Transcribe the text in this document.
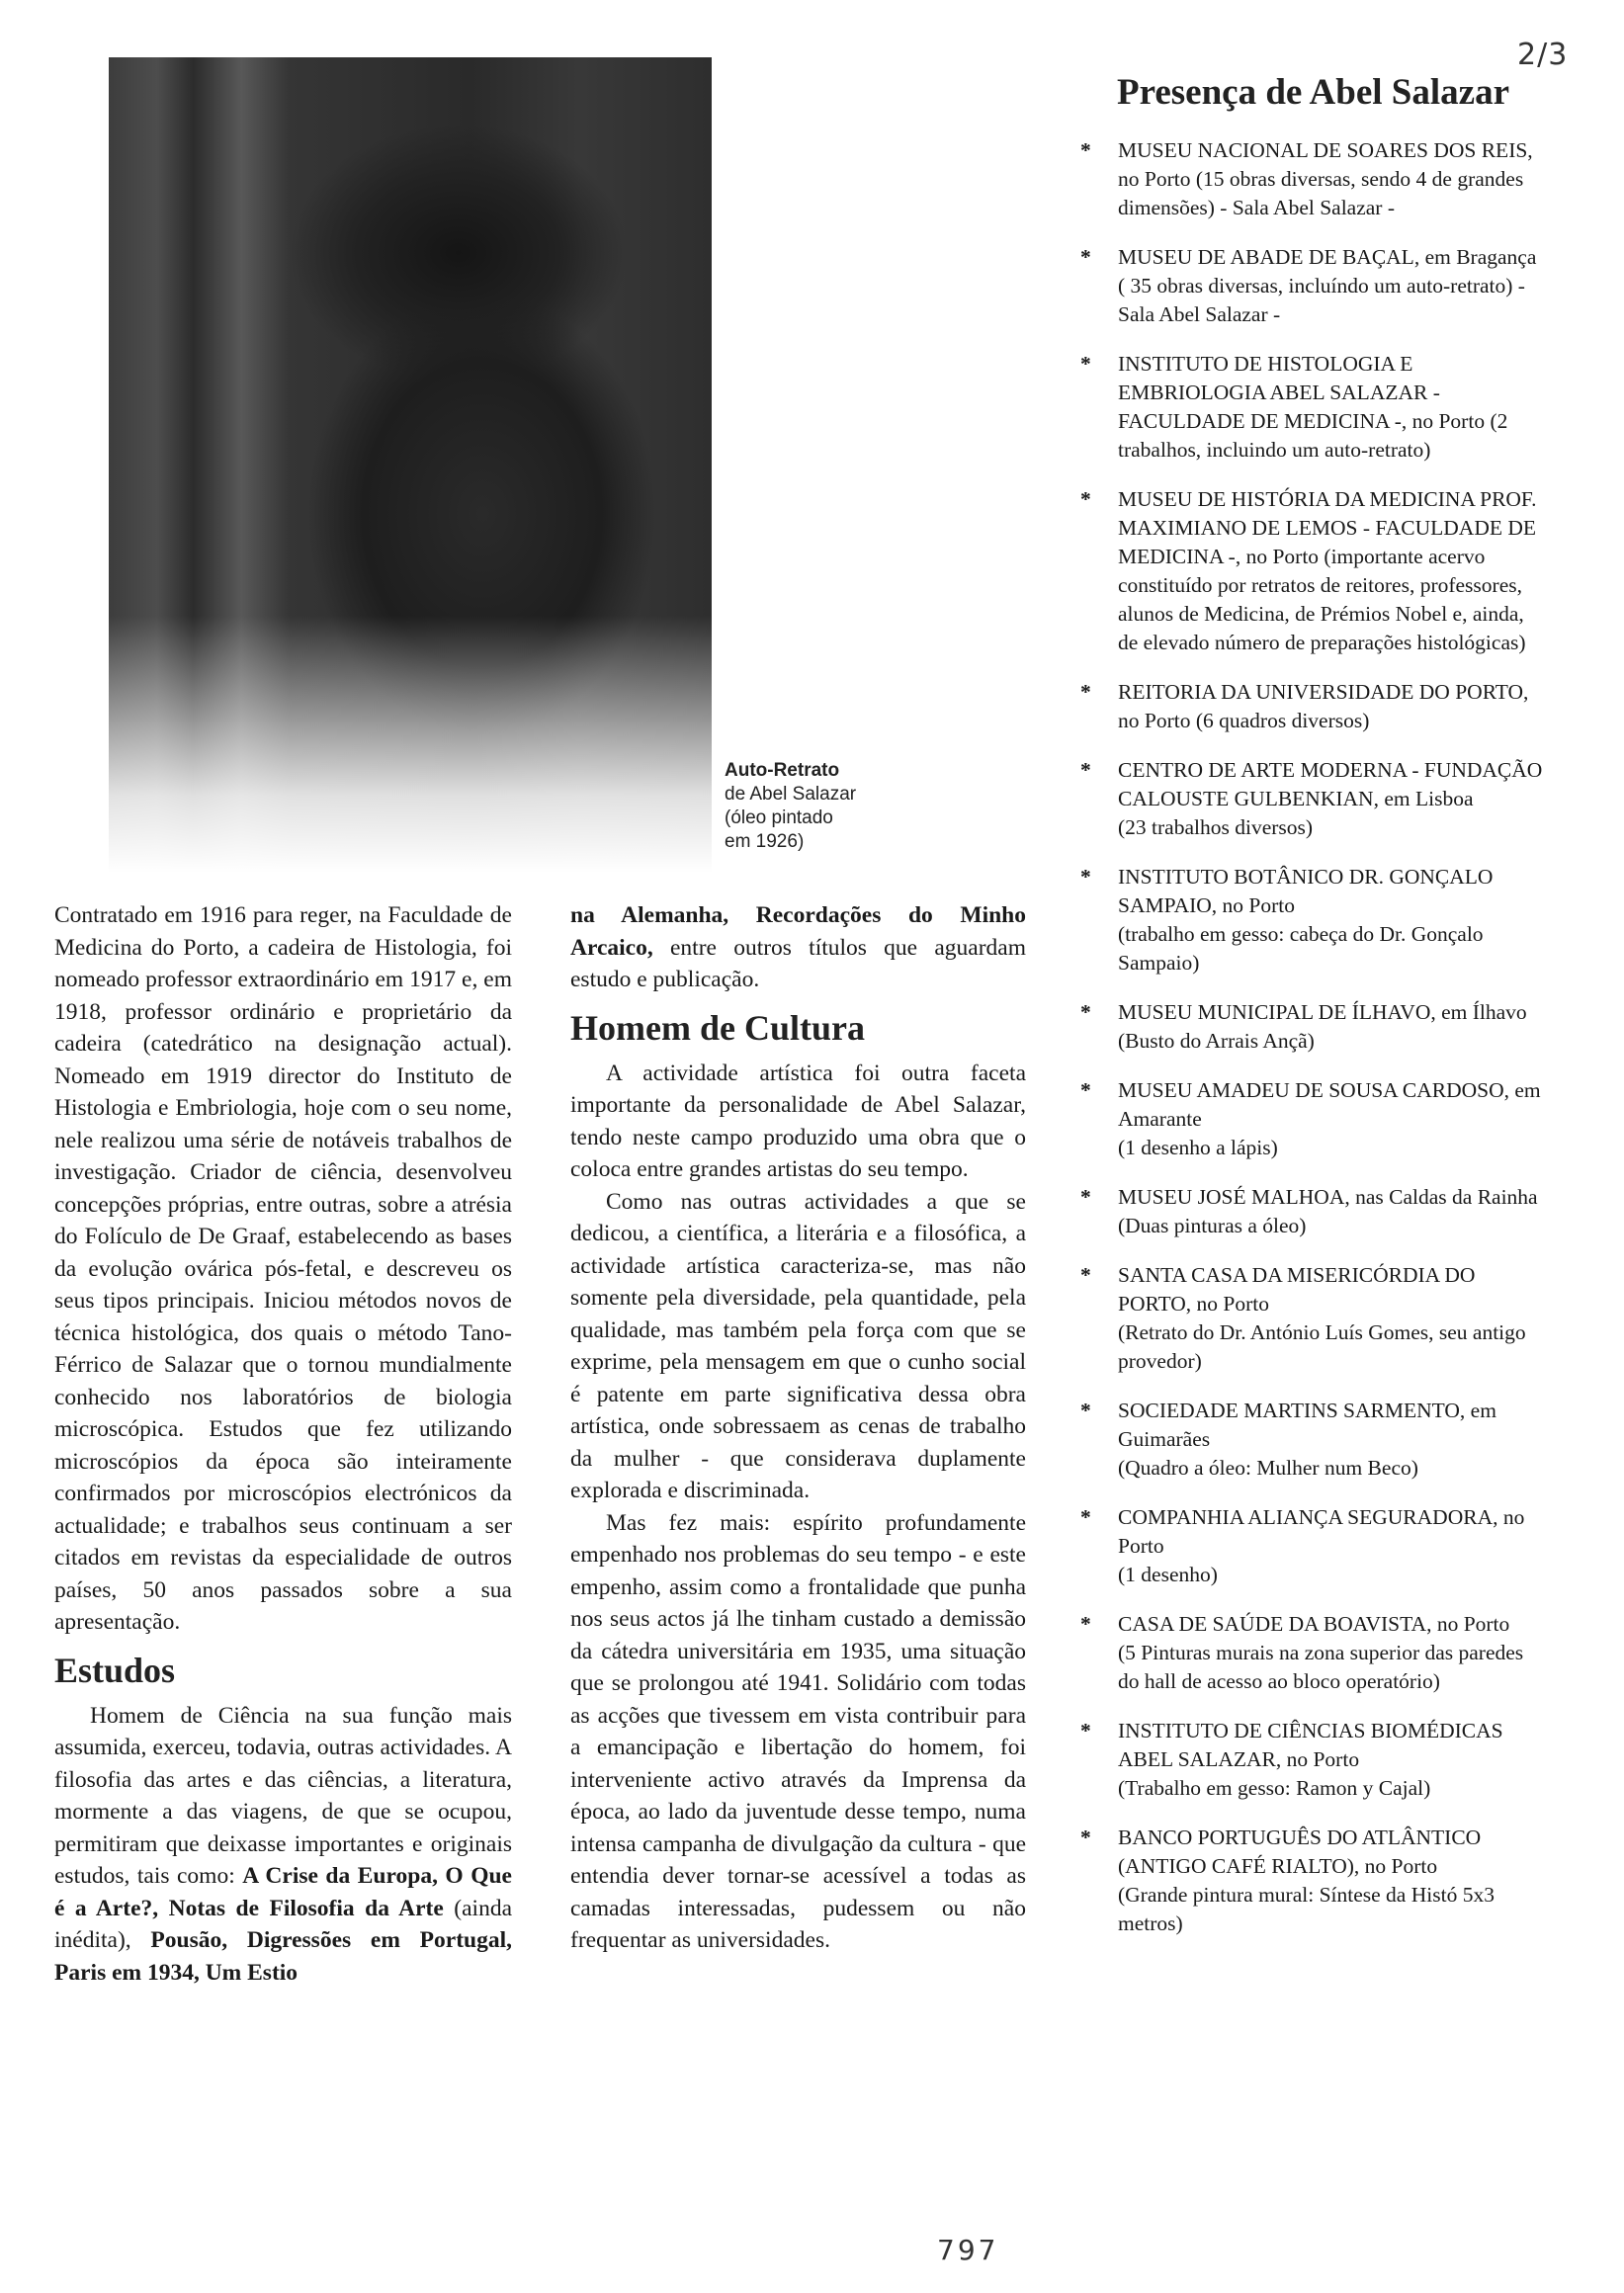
2/3
Auto-Retrato
de Abel Salazar
(óleo pintado
em 1926)

Contratado em 1916 para reger, na Faculdade de Medicina do Porto, a cadeira de Histologia, foi nomeado professor extraordinário em 1917 e, em 1918, professor ordinário e proprietário da cadeira (catedrático na designação actual). Nomeado em 1919 director do Instituto de Histologia e Embriologia, hoje com o seu nome, nele realizou uma série de notáveis trabalhos de investigação. Criador de ciência, desenvolveu concepções próprias, entre outras, sobre a atrésia do Folículo de De Graaf, estabelecendo as bases da evolução ovárica pós-fetal, e descreveu os seus tipos principais. Iniciou métodos novos de técnica histológica, dos quais o método Tano-Férrico de Salazar que o tornou mundialmente conhecido nos laboratórios de biologia microscópica. Estudos que fez utilizando microscópios da época são inteiramente confirmados por microscópios electrónicos da actualidade; e trabalhos seus continuam a ser citados em revistas da especialidade de outros países, 50 anos passados sobre a sua apresentação.

Estudos

Homem de Ciência na sua função mais assumida, exerceu, todavia, outras actividades. A filosofia das artes e das ciências, a literatura, mormente a das viagens, de que se ocupou, permitiram que deixasse importantes e originais estudos, tais como: A Crise da Europa, O Que é a Arte?, Notas de Filosofia da Arte (ainda inédita), Pousão, Digressões em Portugal, Paris em 1934, Um Estio

na Alemanha, Recordações do Minho Arcaico, entre outros títulos que aguardam estudo e publicação.

Homem de Cultura

A actividade artística foi outra faceta importante da personalidade de Abel Salazar, tendo neste campo produzido uma obra que o coloca entre grandes artistas do seu tempo.

Como nas outras actividades a que se dedicou, a científica, a literária e a filosófica, a actividade artística caracteriza-se, mas não somente pela diversidade, pela quantidade, pela qualidade, mas também pela força com que se exprime, pela mensagem em que o cunho social é patente em parte significativa dessa obra artística, onde sobressaem as cenas de trabalho da mulher - que considerava duplamente explorada e discriminada.

Mas fez mais: espírito profundamente empenhado nos problemas do seu tempo - e este empenho, assim como a frontalidade que punha nos seus actos já lhe tinham custado a demissão da cátedra universitária em 1935, uma situação que se prolongou até 1941. Solidário com todas as acções que tivessem em vista contribuir para a emancipação e libertação do homem, foi interveniente activo através da Imprensa da época, ao lado da juventude desse tempo, numa intensa campanha de divulgação da cultura - que entendia dever tornar-se acessível a todas as camadas interessadas, pudessem ou não frequentar as universidades.

Presença de Abel Salazar
* MUSEU NACIONAL DE SOARES DOS REIS,
no Porto (15 obras diversas, sendo 4 de grandes dimensões) - Sala Abel Salazar -
* MUSEU DE ABADE DE BAÇAL, em Bragança
( 35 obras diversas, incluíndo um auto-retrato) - Sala Abel Salazar -
* INSTITUTO DE HISTOLOGIA E EMBRIOLOGIA ABEL SALAZAR - FACULDADE DE MEDICINA -, no Porto (2 trabalhos, incluindo um auto-retrato)
* MUSEU DE HISTÓRIA DA MEDICINA PROF. MAXIMIANO DE LEMOS - FACULDADE DE MEDICINA -, no Porto (importante acervo constituído por retratos de reitores, professores, alunos de Medicina, de Prémios Nobel e, ainda, de elevado número de preparações histológicas)
* REITORIA DA UNIVERSIDADE DO PORTO,
no Porto (6 quadros diversos)
* CENTRO DE ARTE MODERNA - FUNDAÇÃO CALOUSTE GULBENKIAN, em Lisboa
(23 trabalhos diversos)
* INSTITUTO BOTÂNICO DR. GONÇALO SAMPAIO, no Porto
(trabalho em gesso: cabeça do Dr. Gonçalo Sampaio)
* MUSEU MUNICIPAL DE ÍLHAVO, em Ílhavo
(Busto do Arrais Ançã)
* MUSEU AMADEU DE SOUSA CARDOSO, em Amarante
(1 desenho a lápis)
* MUSEU JOSÉ MALHOA, nas Caldas da Rainha
(Duas pinturas a óleo)
* SANTA CASA DA MISERICÓRDIA DO PORTO, no Porto
(Retrato do Dr. António Luís Gomes, seu antigo provedor)
* SOCIEDADE MARTINS SARMENTO, em Guimarães
(Quadro a óleo: Mulher num Beco)
* COMPANHIA ALIANÇA SEGURADORA, no Porto
(1 desenho)
* CASA DE SAÚDE DA BOAVISTA, no Porto
(5 Pinturas murais na zona superior das paredes do hall de acesso ao bloco operatório)
* INSTITUTO DE CIÊNCIAS BIOMÉDICAS ABEL SALAZAR, no Porto
(Trabalho em gesso: Ramon y Cajal)
* BANCO PORTUGUÊS DO ATLÂNTICO (ANTIGO CAFÉ RIALTO), no Porto
(Grande pintura mural: Síntese da Histó 5x3 metros)
797
